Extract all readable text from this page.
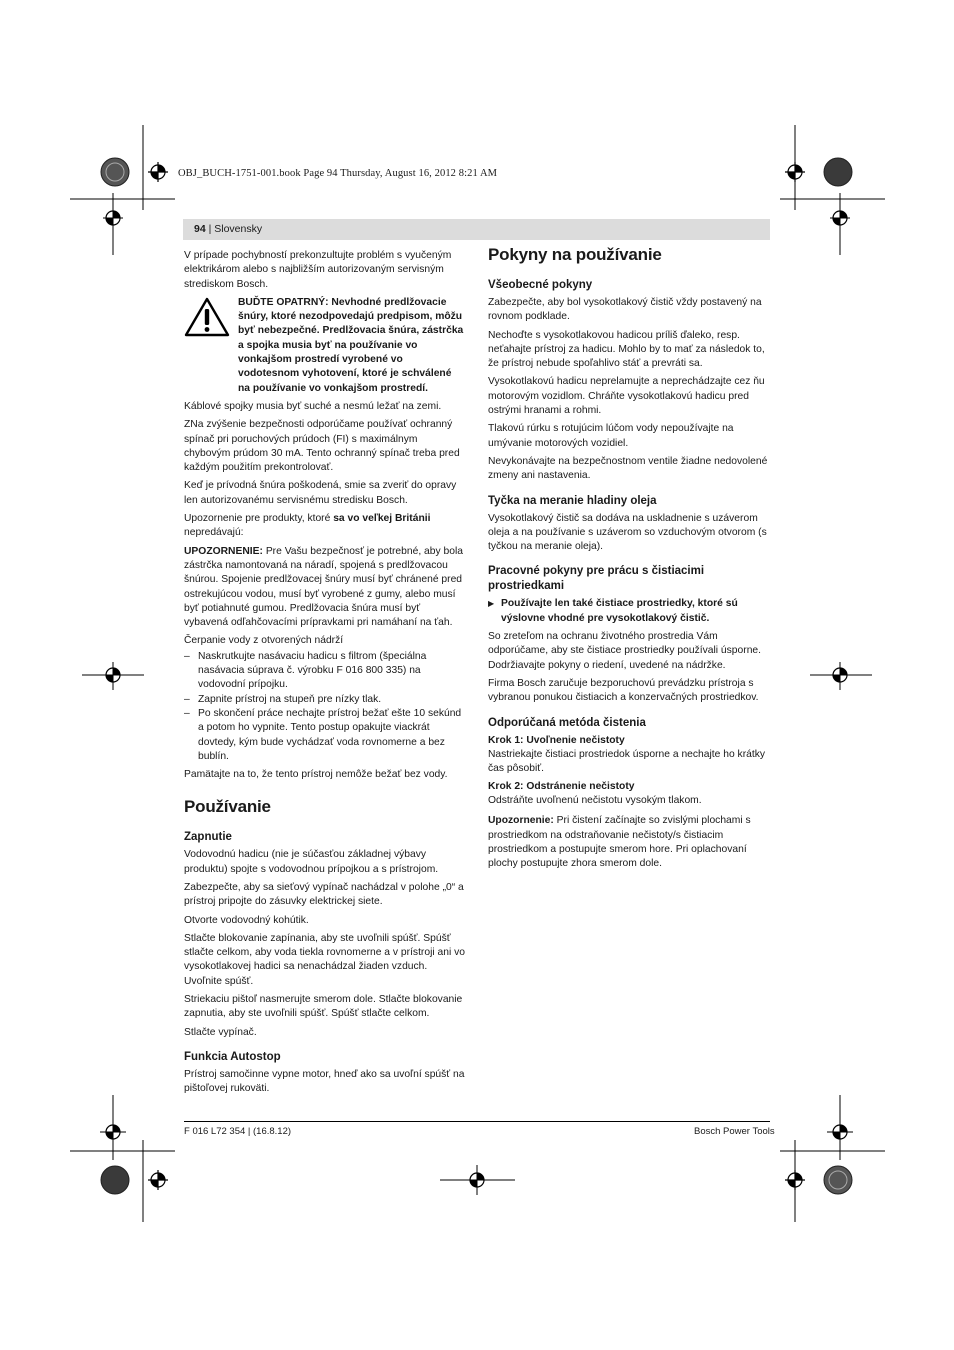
OBJ_BUCH-1751-001.book Page 94 Thursday, August 16, 2012 8:21 AM
94 | Slovensky

V prípade pochybností prekonzultujte problém s vyučeným elektrikárom alebo s najbližším autorizovaným servisným strediskom Bosch.

BUĎTE OPATRNÝ: Nevhodné predlžovacie šnúry, ktoré nezodpovedajú predpisom, môžu byť nebezpečné. Predlžovacia šnúra, zástrčka a spojka musia byť na používanie vo vonkajšom prostredí vyrobené vo vodotesnom vyhotovení, ktoré je schválené na používanie vo vonkajšom prostredí.

Káblové spojky musia byť suché a nesmú ležať na zemi.

ZNa zvýšenie bezpečnosti odporúčame používať ochranný spínač pri poruchových prúdoch (FI) s maximálnym chybovým prúdom 30 mA. Tento ochranný spínač treba pred každým použitím prekontrolovať.

Keď je prívodná šnúra poškodená, smie sa zveriť do opravy len autorizovanému servisnému stredisku Bosch.

Upozornenie pre produkty, ktoré sa vo veľkej Británii nepredávajú:

UPOZORNENIE: Pre Vašu bezpečnosť je potrebné, aby bola zástrčka namontovaná na náradí, spojená s predlžovacou šnúrou. Spojenie predlžovacej šnúry musí byť chránené pred ostrekujúcou vodou, musí byť vyrobené z gumy, alebo musí byť potiahnuté gumou. Predlžovacia šnúra musí byť vybavená odľahčovacími prípravkami pri namáhaní na ťah.

Čerpanie vody z otvorených nádrží

– Naskrutkujte nasávaciu hadicu s filtrom (špeciálna nasávacia súprava č. výrobku F 016 800 335) na vodovodní prípojku.
– Zapnite prístroj na stupeň pre nízky tlak.
– Po skončení práce nechajte prístroj bežať ešte 10 sekúnd a potom ho vypnite. Tento postup opakujte viackrát dovtedy, kým bude vychádzať voda rovnomerne a bez bublín.

Pamätajte na to, že tento prístroj nemôže bežať bez vody.

Používanie
Zapnutie

Vodovodnú hadicu (nie je súčasťou základnej výbavy produktu) spojte s vodovodnou prípojkou a s prístrojom.

Zabezpečte, aby sa sieťový vypínač nachádzal v polohe „0“ a prístroj pripojte do zásuvky elektrickej siete.

Otvorte vodovodný kohútik.

Stlačte blokovanie zapínania, aby ste uvoľnili spúšť. Spúšť stlačte celkom, aby voda tiekla rovnomerne a v prístroji ani vo vysokotlakovej hadici sa nenachádzal žiaden vzduch. Uvoľnite spúšť.

Striekaciu pištoľ nasmerujte smerom dole. Stlačte blokovanie zapnutia, aby ste uvoľnili spúšť. Spúšť stlačte celkom.

Stlačte vypínač.

Funkcia Autostop

Prístroj samočinne vypne motor, hneď ako sa uvoľní spúšť na pištoľovej rukoväti.

Pokyny na používanie
Všeobecné pokyny

Zabezpečte, aby bol vysokotlakový čistič vždy postavený na rovnom podklade.

Nechoďte s vysokotlakovou hadicou príliš ďaleko, resp. neťahajte prístroj za hadicu. Mohlo by to mať za následok to, že prístroj nebude spoľahlivo stáť a prevráti sa.

Vysokotlakovú hadicu neprelamujte a neprechádzajte cez ňu motorovým vozidlom. Chráňte vysokotlakovú hadicu pred ostrými hranami a rohmi.

Tlakovú rúrku s rotujúcim lúčom vody nepoužívajte na umývanie motorových vozidiel.

Nevykonávajte na bezpečnostnom ventile žiadne nedovolené zmeny ani nastavenia.

Tyčka na meranie hladiny oleja

Vysokotlakový čistič sa dodáva na uskladnenie s uzáverom oleja a na používanie s uzáverom so vzduchovým otvorom (s tyčkou na meranie oleja).

Pracovné pokyny pre prácu s čistiacimi prostriedkami
▶ Používajte len také čistiace prostriedky, ktoré sú výslovne vhodné pre vysokotlakový čistič.

So zreteľom na ochranu životného prostredia Vám odporúčame, aby ste čistiace prostriedky používali úsporne. Dodržiavajte pokyny o riedení, uvedené na nádržke.

Firma Bosch zaručuje bezporuchovú prevádzku prístroja s vybranou ponukou čistiacich a konzervačných prostriedkov.

Odporúčaná metóda čistenia
Krok 1: Uvoľnenie nečistoty

Nastriekajte čistiaci prostriedok úsporne a nechajte ho krátky čas pôsobiť.

Krok 2: Odstránenie nečistoty

Odstráňte uvoľnenú nečistotu vysokým tlakom.

Upozornenie: Pri čistení začínajte so zvislými plochami s prostriedkom na odstraňovanie nečistoty/s čistiacim prostriedkom a postupujte smerom hore. Pri oplachovaní plochy postupujte zhora smerom dole.

F 016 L72 354 | (16.8.12)	Bosch Power Tools
